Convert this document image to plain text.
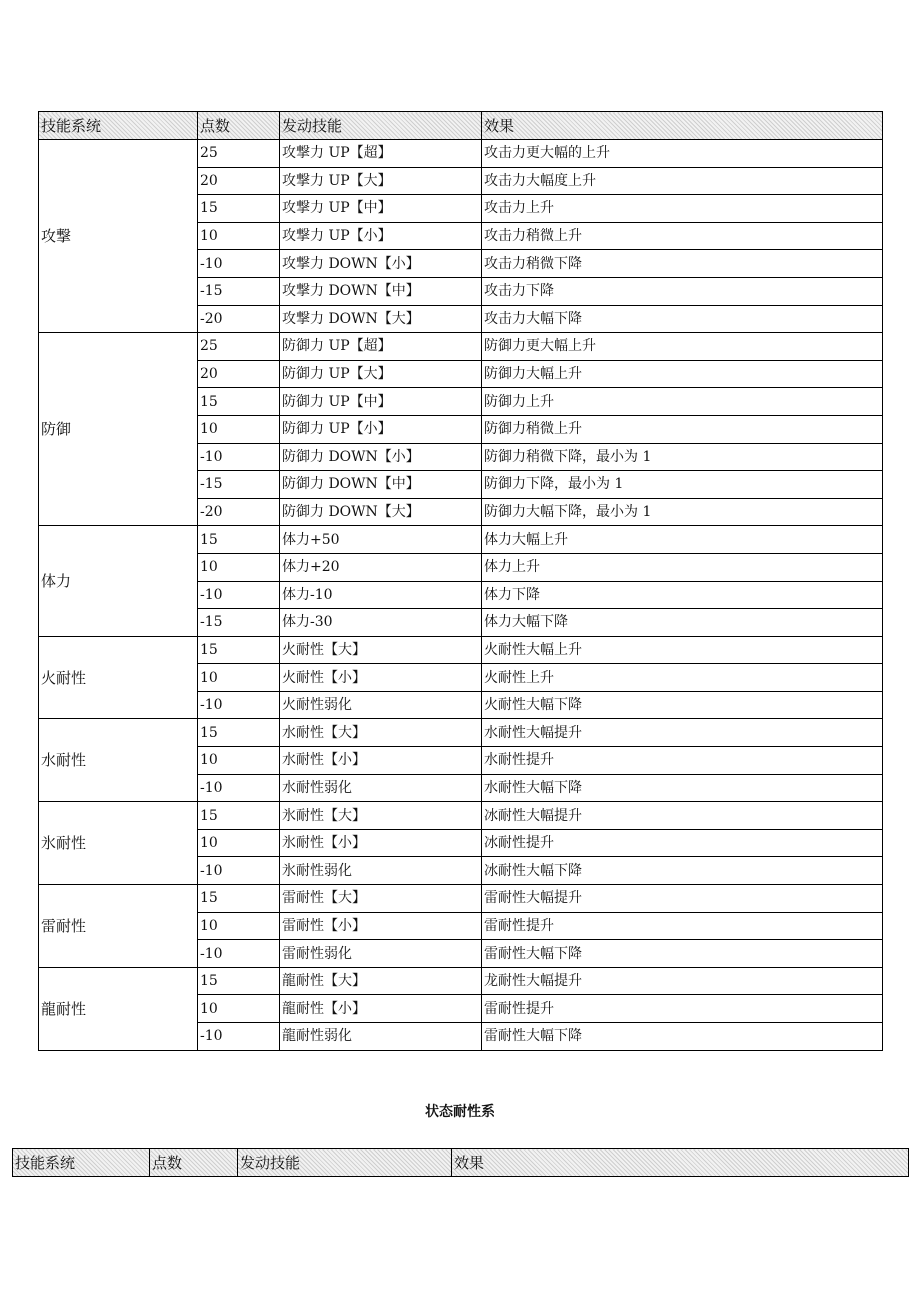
技能系统	点数	发动技能	效果
攻撃	25	攻撃力 UP【超】	攻击力更大幅的上升
	20	攻撃力 UP【大】	攻击力大幅度上升
	15	攻撃力 UP【中】	攻击力上升
	10	攻撃力 UP【小】	攻击力稍微上升
	-10	攻撃力 DOWN【小】	攻击力稍微下降
	-15	攻撃力 DOWN【中】	攻击力下降
	-20	攻撃力 DOWN【大】	攻击力大幅下降
防御	25	防御力 UP【超】	防御力更大幅上升
	20	防御力 UP【大】	防御力大幅上升
	15	防御力 UP【中】	防御力上升
	10	防御力 UP【小】	防御力稍微上升
	-10	防御力 DOWN【小】	防御力稍微下降，最小为 1
	-15	防御力 DOWN【中】	防御力下降，最小为 1
	-20	防御力 DOWN【大】	防御力大幅下降，最小为 1
体力	15	体力+50	体力大幅上升
	10	体力+20	体力上升
	-10	体力-10	体力下降
	-15	体力-30	体力大幅下降
火耐性	15	火耐性【大】	火耐性大幅上升
	10	火耐性【小】	火耐性上升
	-10	火耐性弱化	火耐性大幅下降
水耐性	15	水耐性【大】	水耐性大幅提升
	10	水耐性【小】	水耐性提升
	-10	水耐性弱化	水耐性大幅下降
氷耐性	15	氷耐性【大】	冰耐性大幅提升
	10	氷耐性【小】	冰耐性提升
	-10	氷耐性弱化	冰耐性大幅下降
雷耐性	15	雷耐性【大】	雷耐性大幅提升
	10	雷耐性【小】	雷耐性提升
	-10	雷耐性弱化	雷耐性大幅下降
龍耐性	15	龍耐性【大】	龙耐性大幅提升
	10	龍耐性【小】	雷耐性提升
	-10	龍耐性弱化	雷耐性大幅下降
状态耐性系
技能系统	点数	发动技能	效果
